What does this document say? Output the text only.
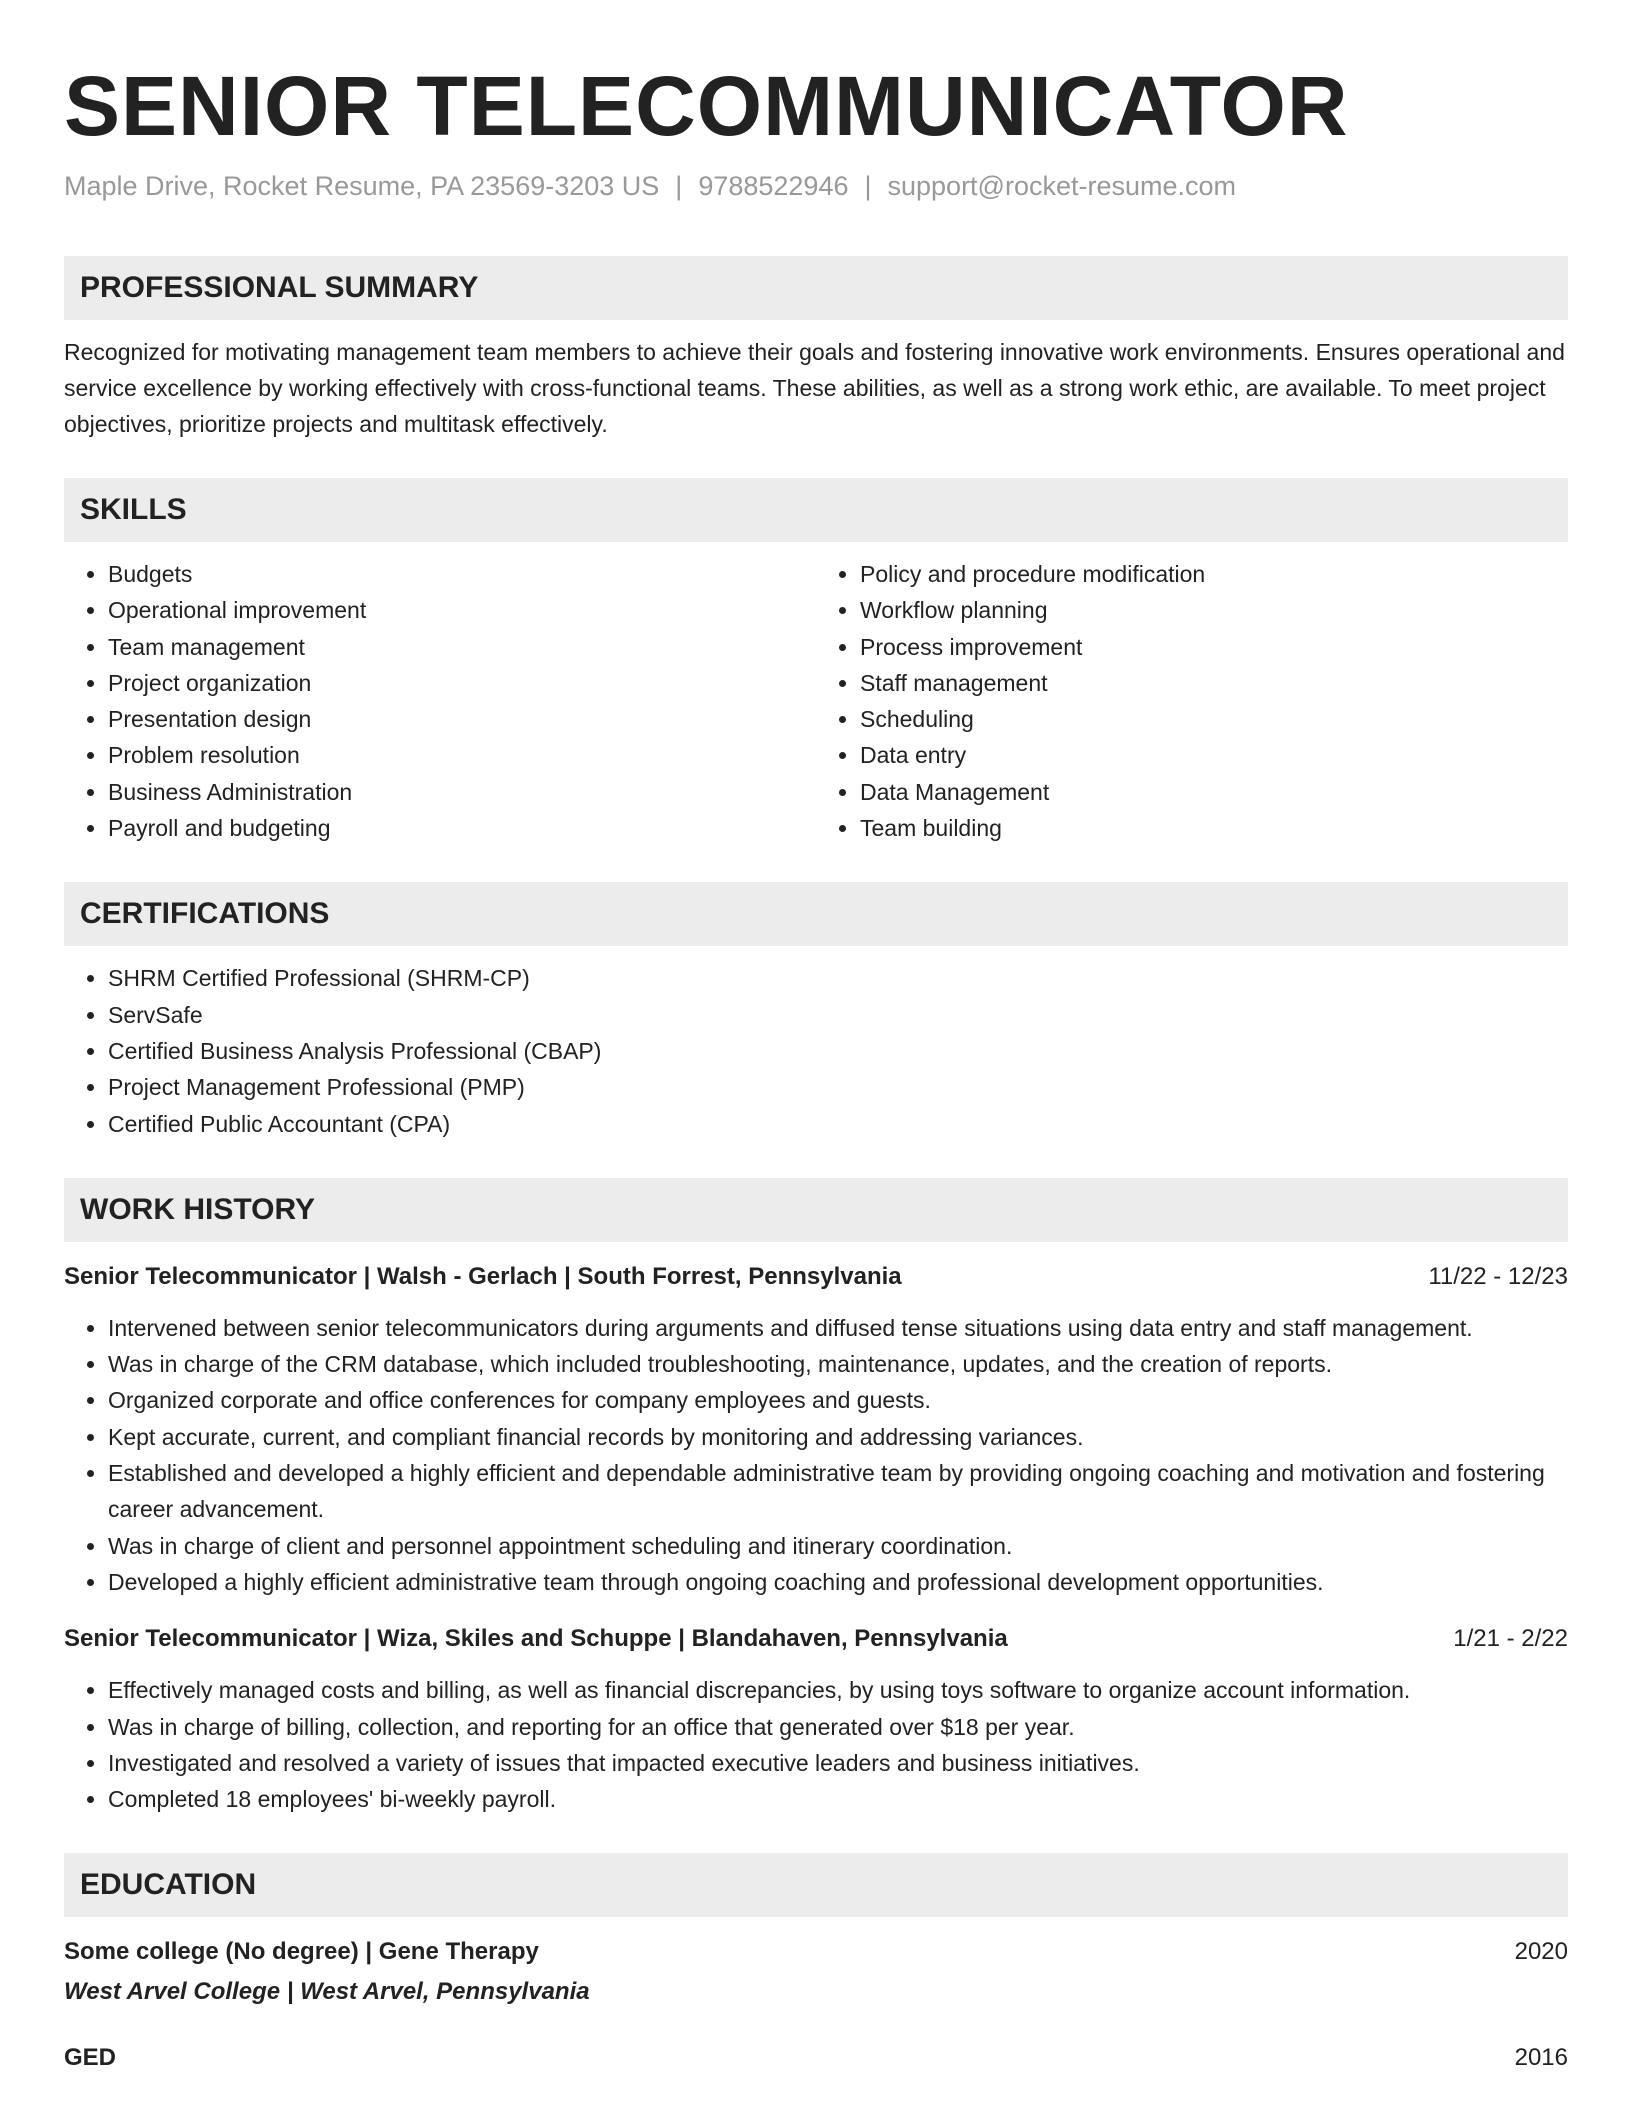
SENIOR TELECOMMUNICATOR
Maple Drive, Rocket Resume, PA 23569-3203 US | 9788522946 | support@rocket-resume.com
PROFESSIONAL SUMMARY
Recognized for motivating management team members to achieve their goals and fostering innovative work environments. Ensures operational and service excellence by working effectively with cross-functional teams. These abilities, as well as a strong work ethic, are available. To meet project objectives, prioritize projects and multitask effectively.
SKILLS
• Budgets
• Operational improvement
• Team management
• Project organization
• Presentation design
• Problem resolution
• Business Administration
• Payroll and budgeting
• Policy and procedure modification
• Workflow planning
• Process improvement
• Staff management
• Scheduling
• Data entry
• Data Management
• Team building
CERTIFICATIONS
• SHRM Certified Professional (SHRM-CP)
• ServSafe
• Certified Business Analysis Professional (CBAP)
• Project Management Professional (PMP)
• Certified Public Accountant (CPA)
WORK HISTORY
Senior Telecommunicator | Walsh - Gerlach | South Forrest, Pennsylvania	11/22 - 12/23
• Intervened between senior telecommunicators during arguments and diffused tense situations using data entry and staff management.
• Was in charge of the CRM database, which included troubleshooting, maintenance, updates, and the creation of reports.
• Organized corporate and office conferences for company employees and guests.
• Kept accurate, current, and compliant financial records by monitoring and addressing variances.
• Established and developed a highly efficient and dependable administrative team by providing ongoing coaching and motivation and fostering career advancement.
• Was in charge of client and personnel appointment scheduling and itinerary coordination.
• Developed a highly efficient administrative team through ongoing coaching and professional development opportunities.
Senior Telecommunicator | Wiza, Skiles and Schuppe | Blandahaven, Pennsylvania	1/21 - 2/22
• Effectively managed costs and billing, as well as financial discrepancies, by using toys software to organize account information.
• Was in charge of billing, collection, and reporting for an office that generated over $18 per year.
• Investigated and resolved a variety of issues that impacted executive leaders and business initiatives.
• Completed 18 employees' bi-weekly payroll.
EDUCATION
Some college (No degree) | Gene Therapy	2020
West Arvel College | West Arvel, Pennsylvania
GED	2016
